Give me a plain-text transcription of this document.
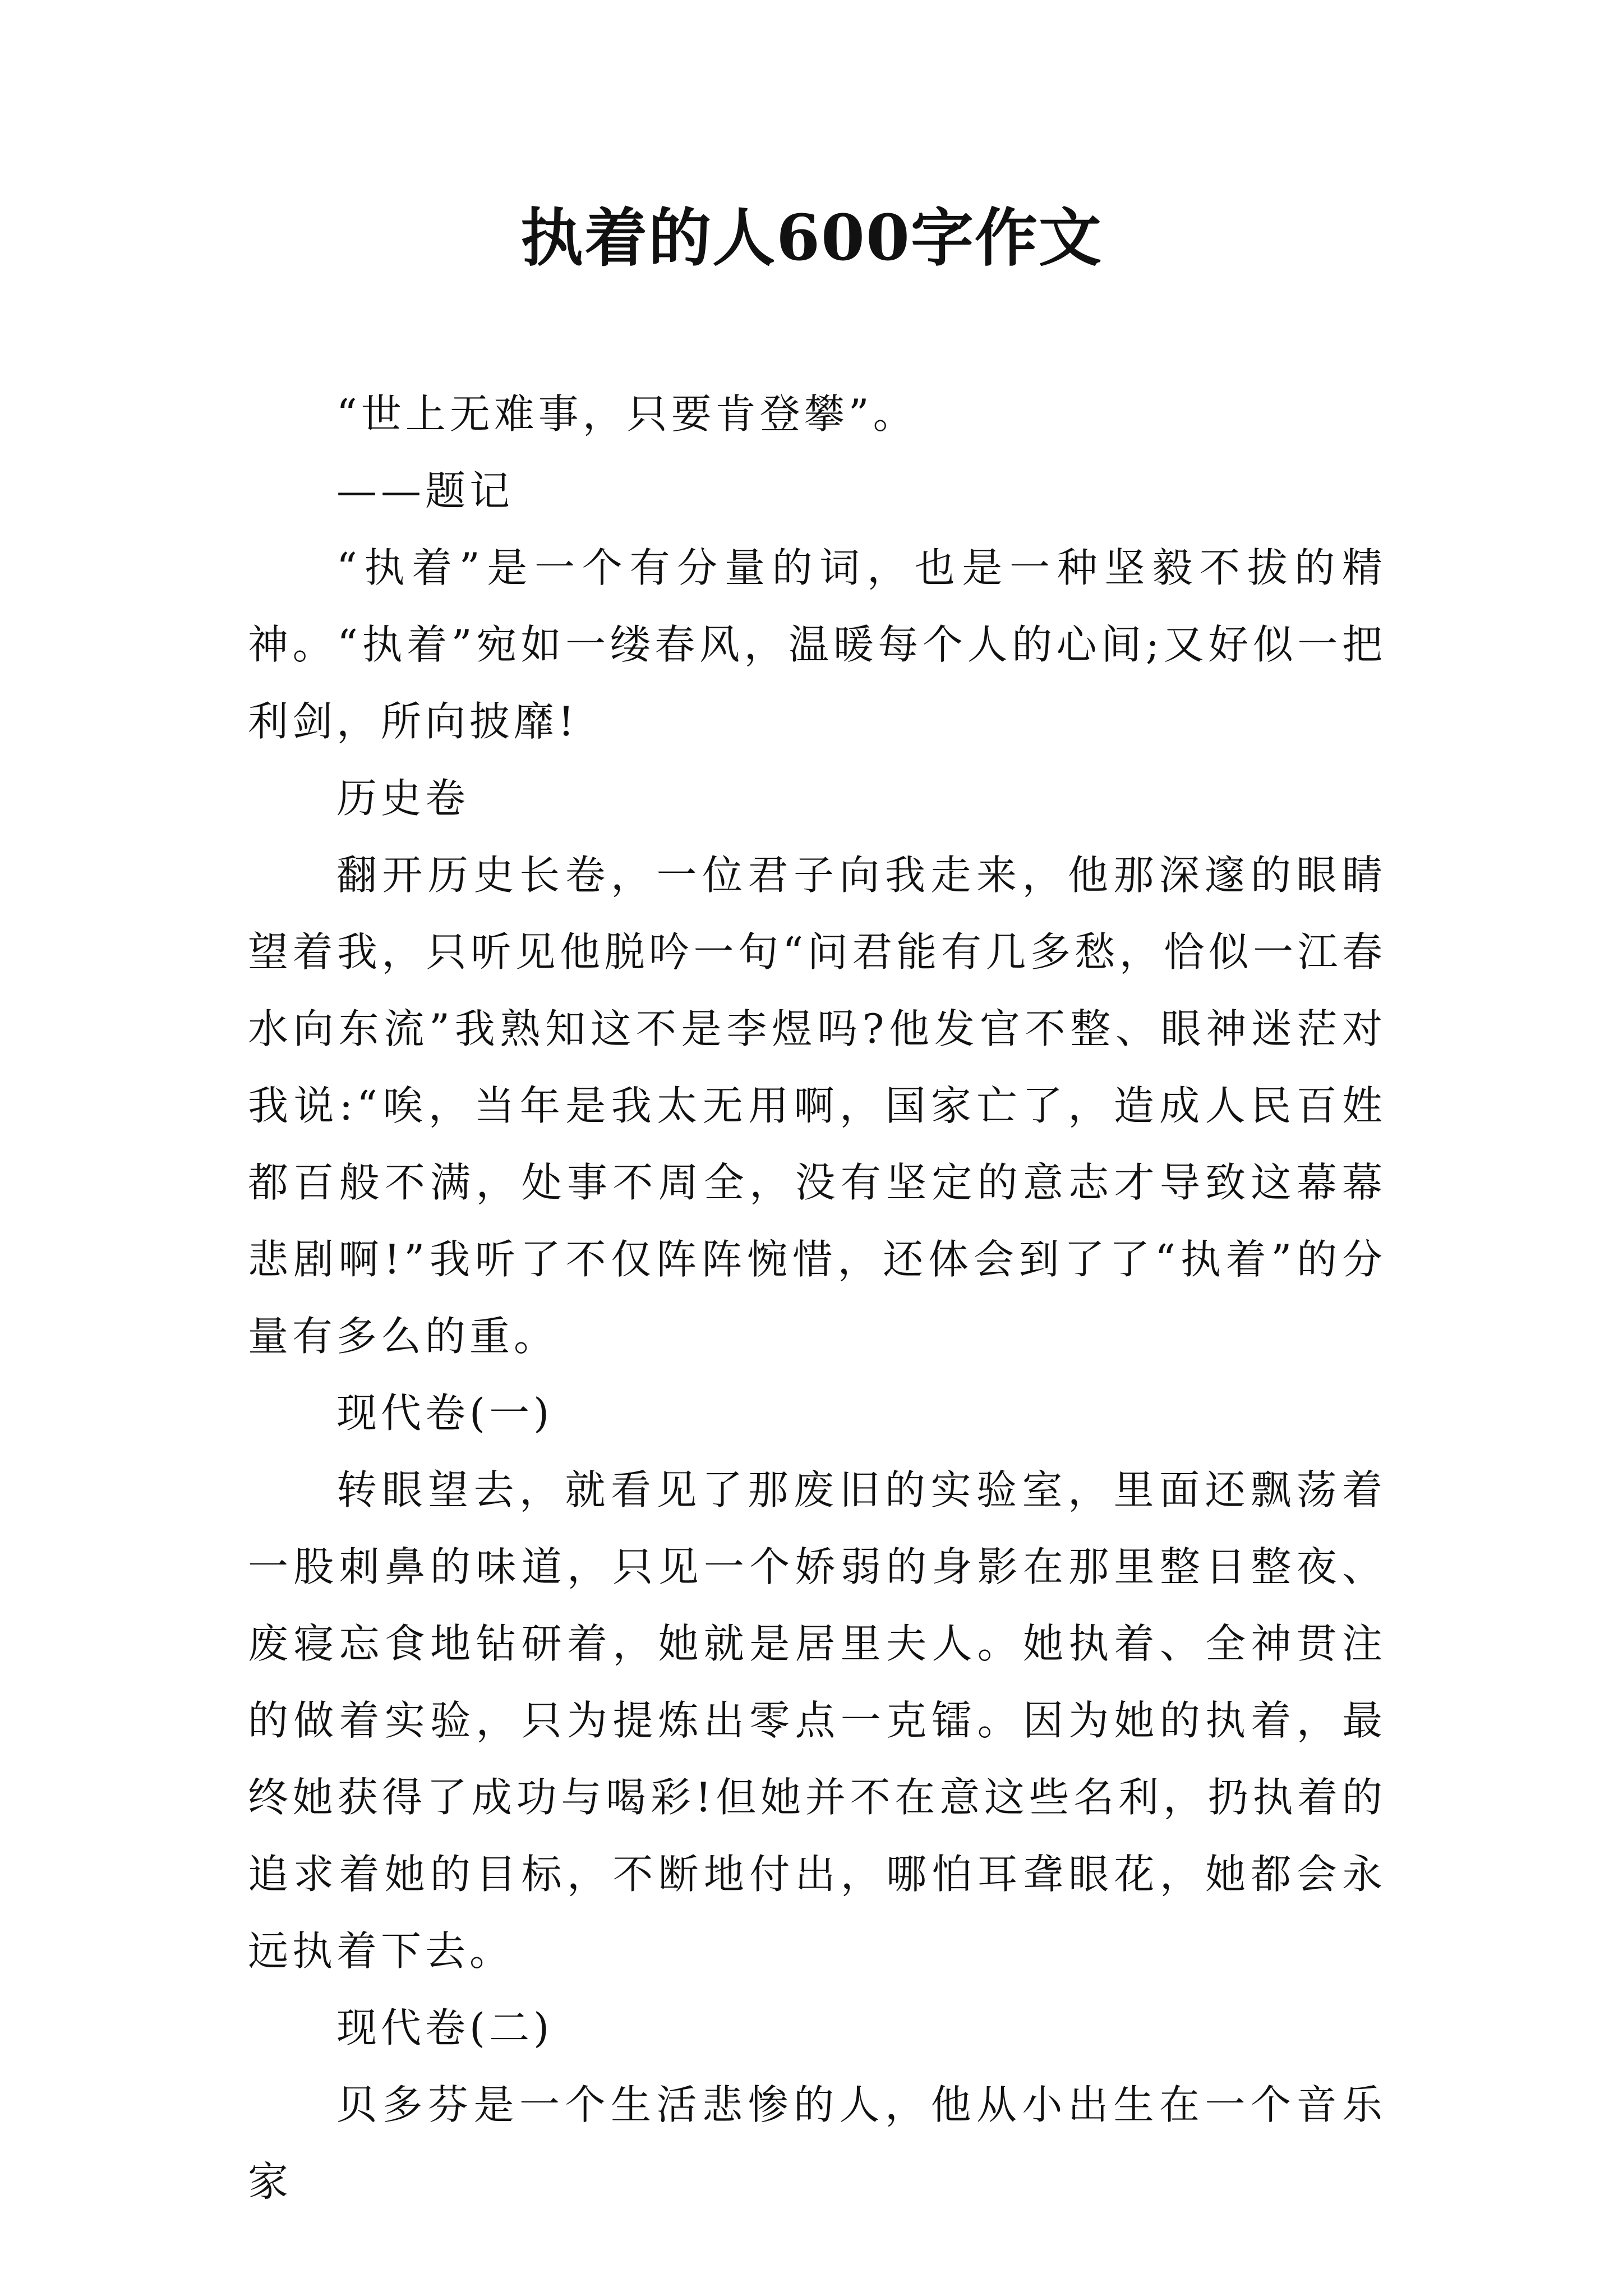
执着的人600字作文

“世上无难事，只要肯登攀”。

——题记

“执着”是一个有分量的词，也是一种坚毅不拔的精神。“执着”宛如一缕春风，温暖每个人的心间;又好似一把利剑，所向披靡!

历史卷

翻开历史长卷，一位君子向我走来，他那深邃的眼睛望着我，只听见他脱吟一句“问君能有几多愁，恰似一江春水向东流”我熟知这不是李煜吗?他发官不整、眼神迷茫对我说:“唉，当年是我太无用啊，国家亡了，造成人民百姓都百般不满，处事不周全，没有坚定的意志才导致这幕幕悲剧啊!”我听了不仅阵阵惋惜，还体会到了了“执着”的分量有多么的重。

现代卷(一)

转眼望去，就看见了那废旧的实验室，里面还飘荡着一股刺鼻的味道，只见一个娇弱的身影在那里整日整夜、废寝忘食地钻研着，她就是居里夫人。她执着、全神贯注的做着实验，只为提炼出零点一克镭。因为她的执着，最终她获得了成功与喝彩!但她并不在意这些名利，扔执着的追求着她的目标，不断地付出，哪怕耳聋眼花，她都会永远执着下去。

现代卷(二)

贝多芬是一个生活悲惨的人，他从小出生在一个音乐家
